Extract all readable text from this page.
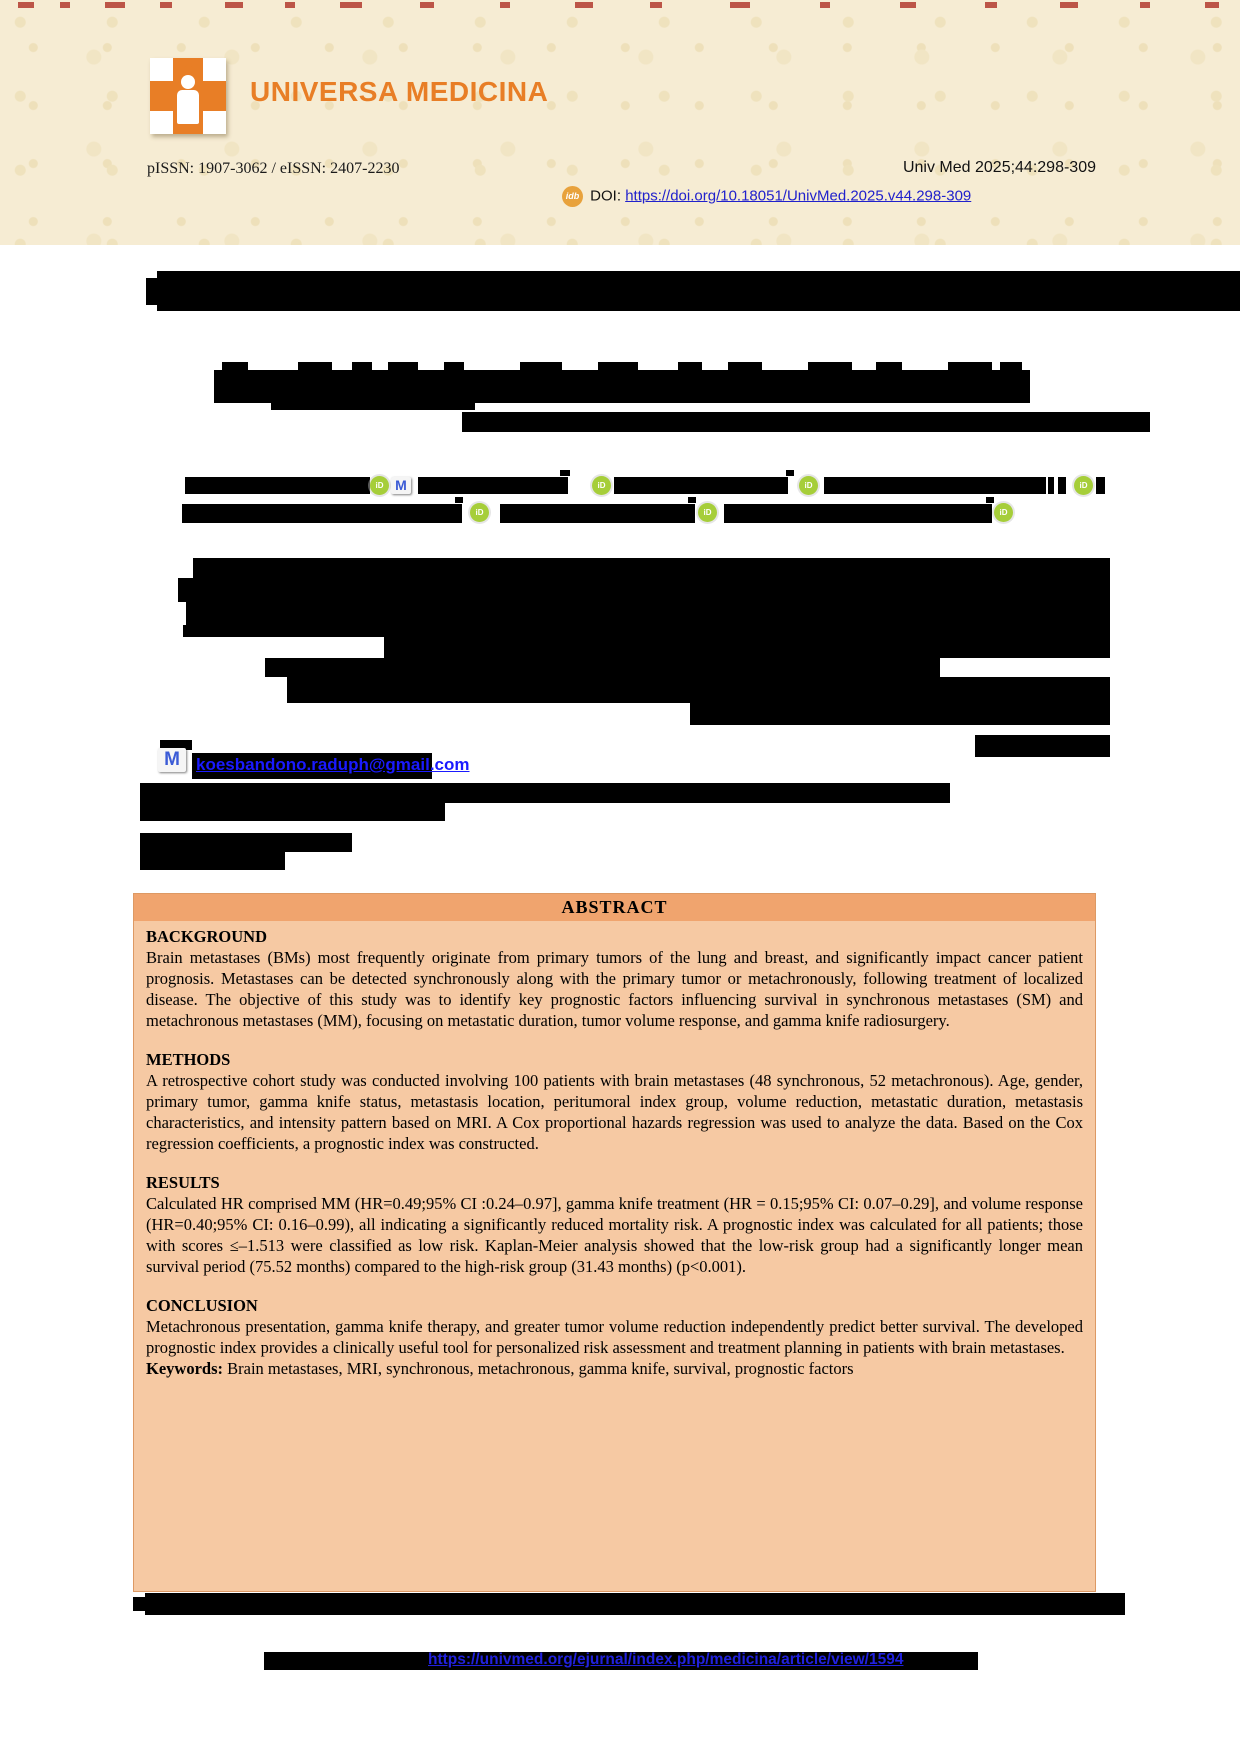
UNIVERSA MEDICINA
pISSN: 1907-3062 / eISSN: 2407-2230	Univ Med 2025;44:298-309
idb DOI: https://doi.org/10.18051/UnivMed.2025.v44.298-309
iD M	iD	iD	iD
iD	iD	iD
M koesbandono.raduph@gmail.com
ABSTRACT
BACKGROUND

Brain metastases (BMs) most frequently originate from primary tumors of the lung and breast, and significantly impact cancer patient prognosis. Metastases can be detected synchronously along with the primary tumor or metachronously, following treatment of localized disease. The objective of this study was to identify key prognostic factors influencing survival in synchronous metastases (SM) and metachronous metastases (MM), focusing on metastatic duration, tumor volume response, and gamma knife radiosurgery.

METHODS

A retrospective cohort study was conducted involving 100 patients with brain metastases (48 synchronous, 52 metachronous). Age, gender, primary tumor, gamma knife status, metastasis location, peritumoral index group, volume reduction, metastatic duration, metastasis characteristics, and intensity pattern based on MRI. A Cox proportional hazards regression was used to analyze the data. Based on the Cox regression coefficients, a prognostic index was constructed.

RESULTS

Calculated HR comprised MM (HR=0.49;95% CI :0.24–0.97], gamma knife treatment (HR = 0.15;95% CI: 0.07–0.29], and volume response (HR=0.40;95% CI: 0.16–0.99), all indicating a significantly reduced mortality risk. A prognostic index was calculated for all patients; those with scores ≤–1.513 were classified as low risk. Kaplan-Meier analysis showed that the low-risk group had a significantly longer mean survival period (75.52 months) compared to the high-risk group (31.43 months) (p<0.001).

CONCLUSION

Metachronous presentation, gamma knife therapy, and greater tumor volume reduction independently predict better survival. The developed prognostic index provides a clinically useful tool for personalized risk assessment and treatment planning in patients with brain metastases.

Keywords: Brain metastases, MRI, synchronous, metachronous, gamma knife, survival, prognostic factors

https://univmed.org/ejurnal/index.php/medicina/article/view/1594
